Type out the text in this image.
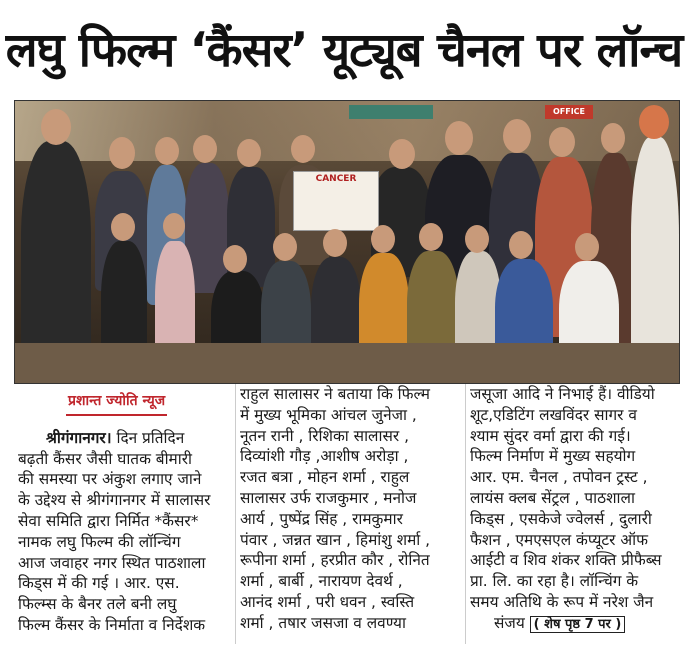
लघु फिल्म ‘कैंसर’ यूट्यूब चैनल पर लॉन्च
OFFICE
CANCER
प्रशान्त ज्योति न्यूज
श्रीगंगानगर। दिन प्रतिदिन
बढ़ती कैंसर जैसी घातक बीमारी
की समस्या पर अंकुश लगाए जाने
के उद्देश्य से श्रीगंगानगर में सालासर
सेवा समिति द्वारा निर्मित *कैंसर*
नामक लघु फिल्म की लॉन्चिंग
आज जवाहर नगर स्थित पाठशाला
किड्स में की गई । आर. एस.
फिल्म्स के बैनर तले बनी लघु
फिल्म कैंसर के निर्माता व निर्देशक
राहुल सालासर ने बताया कि फिल्म
में मुख्य भूमिका आंचल जुनेजा ,
नूतन रानी , रिशिका सालासर ,
दिव्यांशी गौड़ ,आशीष अरोड़ा ,
रजत बत्रा , मोहन शर्मा , राहुल
सालासर उर्फ राजकुमार , मनोज
आर्य , पुष्पेंद्र सिंह , रामकुमार
पंवार , जन्नत खान , हिमांशु शर्मा ,
रूपीना शर्मा , हरप्रीत कौर , रोनित
शर्मा , बार्बी , नारायण देवर्थ ,
आनंद शर्मा , परी धवन , स्वस्ति
शर्मा , तषार जसजा व लवण्या
जसूजा आदि ने निभाई हैं। वीडियो
शूट,एडिटिंग लखविंदर सागर व
श्याम सुंदर वर्मा द्वारा की गई।
फिल्म निर्माण में मुख्य सहयोग
आर. एम. चैनल , तपोवन ट्रस्ट ,
लायंस क्लब सेंट्रल , पाठशाला
किड्स , एसकेजे ज्वेलर्स , दुलारी
फैशन , एमएसएल कंप्यूटर ऑफ
आईटी व शिव शंकर शक्ति प्रीफैब्स
प्रा. लि. का रहा है। लॉन्चिंग के
समय अतिथि के रूप में नरेश जैन
संजय ( शेष पृष्ठ 7 पर )
